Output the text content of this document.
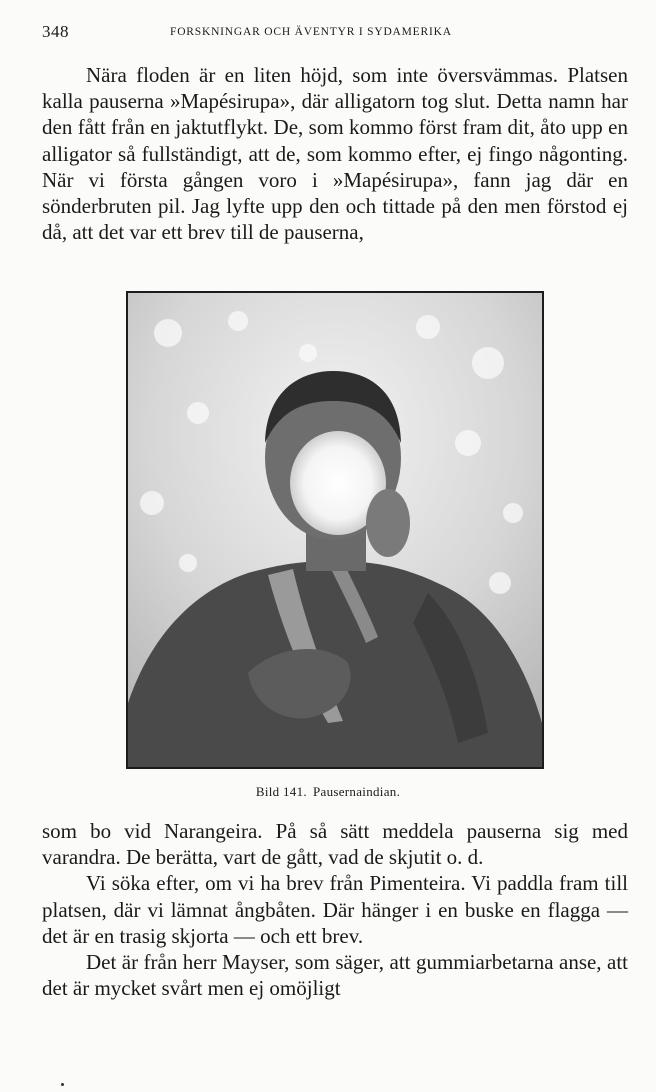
348	FORSKNINGAR OCH ÄVENTYR I SYDAMERIKA

Nära floden är en liten höjd, som inte översvämmas. Platsen kalla pauserna »Mapésirupa», där alligatorn tog slut. Detta namn har den fått från en jaktutflykt. De, som kommo först fram dit, åto upp en alligator så fullständigt, att de, som kommo efter, ej fingo någonting. När vi första gången voro i »Mapésirupa», fann jag där en sönderbruten pil. Jag lyfte upp den och tittade på den men förstod ej då, att det var ett brev till de pauserna,

Bild 141. Pausernaindian.

som bo vid Narangeira. På så sätt meddela pauserna sig med varandra. De berätta, vart de gått, vad de skjutit o. d.

Vi söka efter, om vi ha brev från Pimenteira. Vi paddla fram till platsen, där vi lämnat ångbåten. Där hänger i en buske en flagga — det är en trasig skjorta — och ett brev.

Det är från herr Mayser, som säger, att gummiarbetarna anse, att det är mycket svårt men ej omöjligt
